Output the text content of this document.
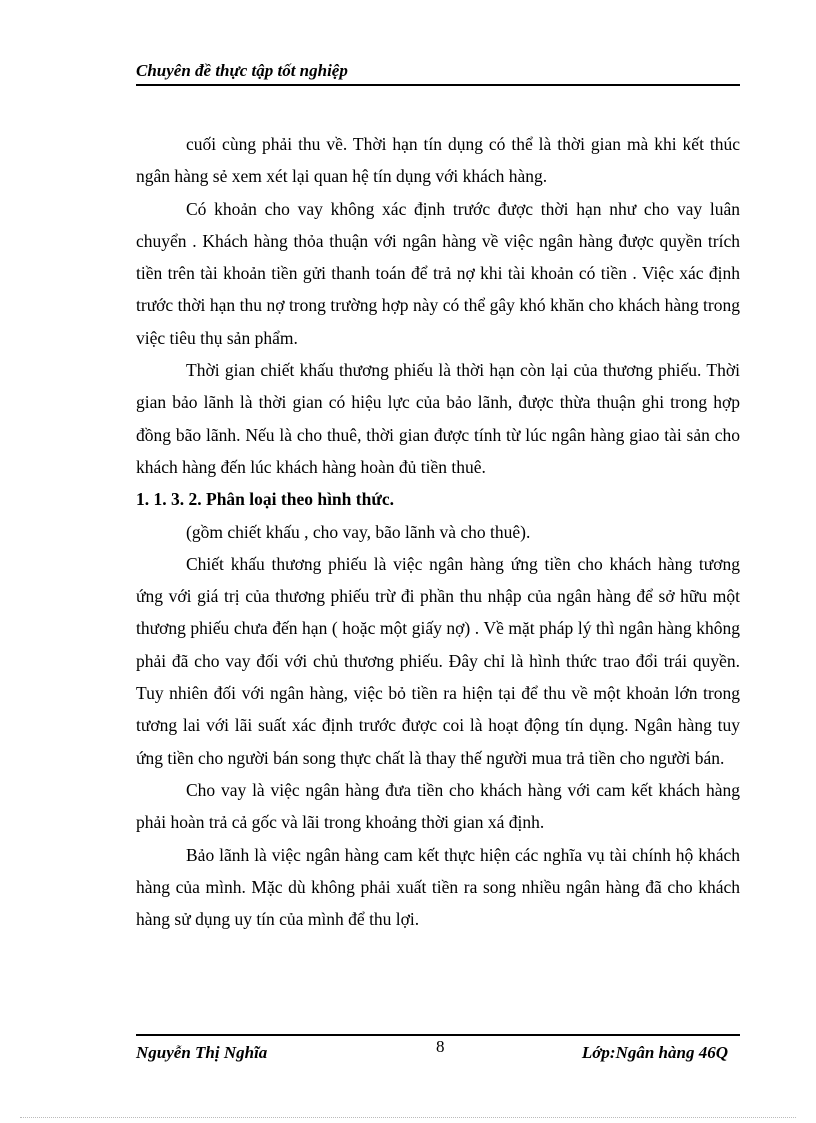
Chuyên đề thực tập tốt nghiệp

cuối cùng phải thu về. Thời hạn tín dụng có thể là thời gian mà khi kết thúc ngân hàng sẻ xem xét lại quan hệ tín dụng với khách hàng.

Có khoản cho vay không xác định trước được thời hạn như cho vay luân chuyển . Khách hàng thỏa thuận với ngân hàng về việc ngân hàng được quyền trích tiền trên tài khoản tiền gửi thanh toán để trả nợ khi tài khoản có tiền . Việc xác định trước thời hạn thu nợ trong trường hợp này có thể gây khó khăn cho khách hàng trong việc tiêu thụ sản phẩm.

Thời gian chiết khấu thương phiếu là thời hạn còn lại của thương phiếu. Thời gian bảo lãnh là thời gian có hiệu lực của bảo lãnh, được thừa thuận ghi trong hợp đồng bão lãnh. Nếu là cho thuê, thời gian được tính từ lúc ngân hàng giao tài sản cho khách hàng đến lúc khách hàng hoàn đủ tiền thuê.

1. 1. 3. 2. Phân loại theo hình thức.

(gồm chiết khấu , cho vay, bão lãnh và cho thuê).

Chiết khấu thương phiếu là việc ngân hàng ứng tiền cho khách hàng tương ứng với giá trị của thương phiếu trừ đi phần thu nhập của ngân hàng để sở hữu một thương phiếu chưa đến hạn ( hoặc một giấy nợ) . Về mặt pháp lý thì ngân hàng không phải đã cho vay đối với chủ thương phiếu. Đây chỉ là hình thức trao đổi trái quyền. Tuy nhiên đối với ngân hàng, việc bỏ tiền ra hiện tại để thu về một khoản lớn trong tương lai với lãi suất xác định trước được coi là hoạt động tín dụng. Ngân hàng tuy ứng tiền cho người bán song thực chất là thay thế người mua trả tiền cho người bán.

Cho vay là việc ngân hàng đưa tiền cho khách hàng với cam kết khách hàng phải hoàn trả cả gốc và lãi trong khoảng thời gian xá định.

Bảo lãnh là việc ngân hàng cam kết thực hiện các nghĩa vụ tài chính hộ khách hàng của mình. Mặc dù không phải xuất tiền ra song nhiều ngân hàng đã cho khách hàng sử dụng uy tín của mình để thu lợi.

Nguyễn Thị Nghĩa	8	Lớp:Ngân hàng 46Q
